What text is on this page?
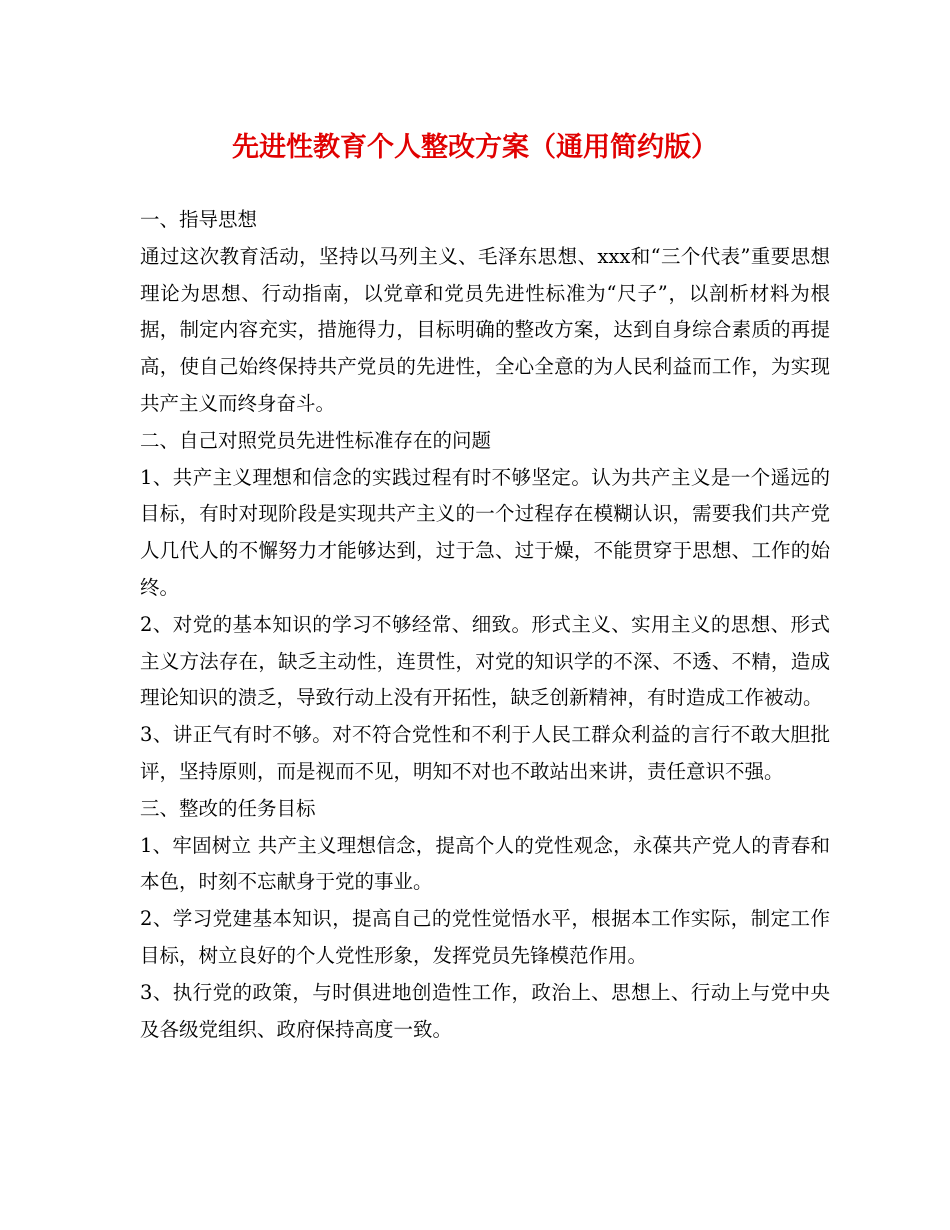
先进性教育个人整改方案（通用简约版）

一、指导思想

通过这次教育活动，坚持以马列主义、毛泽东思想、xxx和“三个代表”重要思想理论为思想、行动指南，以党章和党员先进性标准为“尺子”，以剖析材料为根据，制定内容充实，措施得力，目标明确的整改方案，达到自身综合素质的再提高，使自己始终保持共产党员的先进性，全心全意的为人民利益而工作，为实现共产主义而终身奋斗。

二、自己对照党员先进性标准存在的问题

1、共产主义理想和信念的实践过程有时不够坚定。认为共产主义是一个遥远的目标，有时对现阶段是实现共产主义的一个过程存在模糊认识，需要我们共产党人几代人的不懈努力才能够达到，过于急、过于燥，不能贯穿于思想、工作的始终。

2、对党的基本知识的学习不够经常、细致。形式主义、实用主义的思想、形式主义方法存在，缺乏主动性，连贯性，对党的知识学的不深、不透、不精，造成理论知识的溃乏，导致行动上没有开拓性，缺乏创新精神，有时造成工作被动。

3、讲正气有时不够。对不符合党性和不利于人民工群众利益的言行不敢大胆批评，坚持原则，而是视而不见，明知不对也不敢站出来讲，责任意识不强。

三、整改的任务目标

1、牢固树立 共产主义理想信念，提高个人的党性观念，永葆共产党人的青春和本色，时刻不忘献身于党的事业。

2、学习党建基本知识，提高自己的党性觉悟水平，根据本工作实际，制定工作目标，树立良好的个人党性形象，发挥党员先锋模范作用。

3、执行党的政策，与时俱进地创造性工作，政治上、思想上、行动上与党中央及各级党组织、政府保持高度一致。
